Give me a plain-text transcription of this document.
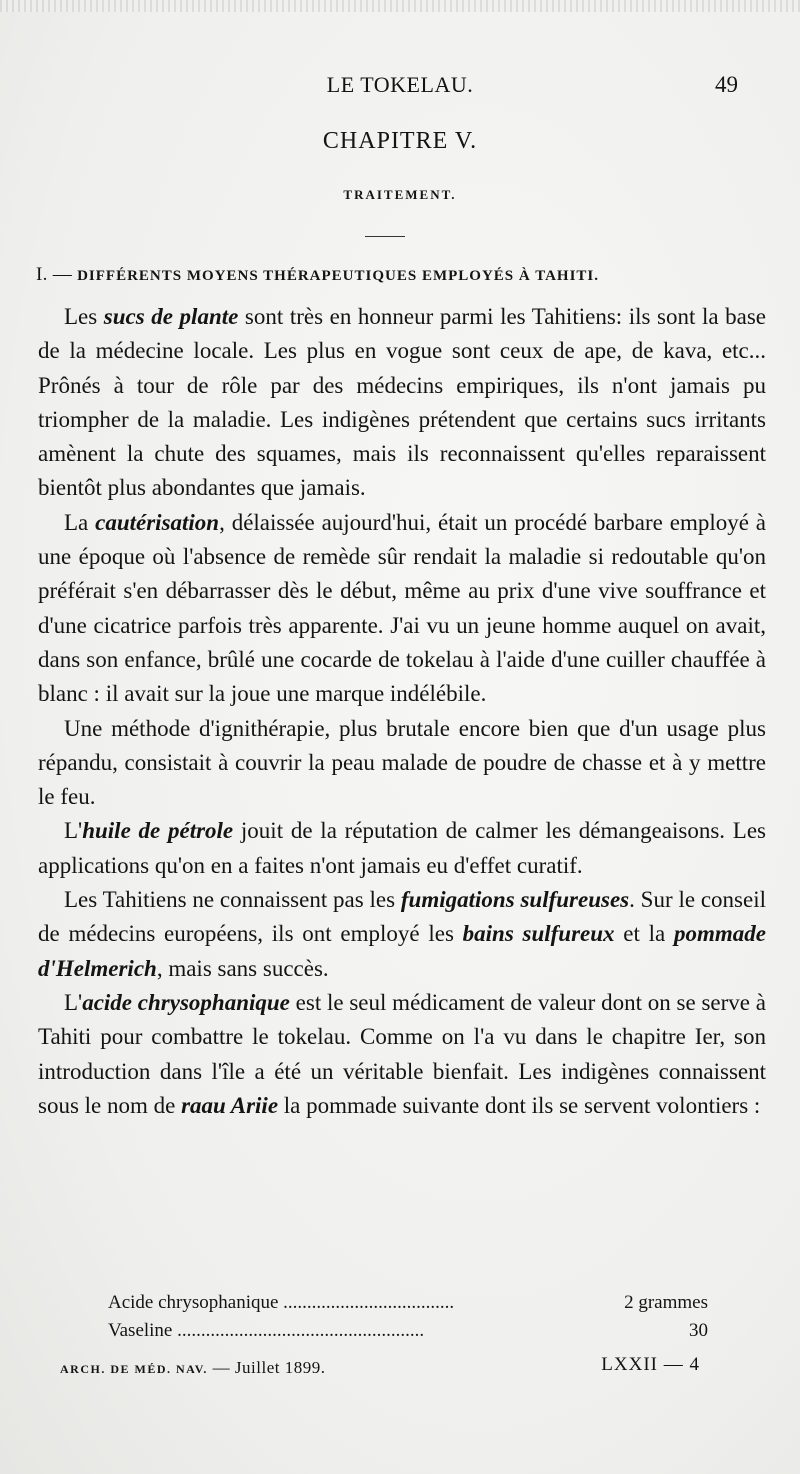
LE TOKELAU.	49
CHAPITRE V.
TRAITEMENT.
I. — DIFFÉRENTS MOYENS THÉRAPEUTIQUES EMPLOYÉS À TAHITI.

Les sucs de plante sont très en honneur parmi les Tahitiens: ils sont la base de la médecine locale. Les plus en vogue sont ceux de ape, de kava, etc... Prônés à tour de rôle par des médecins empiriques, ils n'ont jamais pu triompher de la maladie. Les indigènes prétendent que certains sucs irritants amènent la chute des squames, mais ils reconnaissent qu'elles reparaissent bientôt plus abondantes que jamais.

La cautérisation, délaissée aujourd'hui, était un procédé barbare employé à une époque où l'absence de remède sûr rendait la maladie si redoutable qu'on préférait s'en débarrasser dès le début, même au prix d'une vive souffrance et d'une cicatrice parfois très apparente. J'ai vu un jeune homme auquel on avait, dans son enfance, brûlé une cocarde de tokelau à l'aide d'une cuiller chauffée à blanc : il avait sur la joue une marque indélébile.

Une méthode d'ignithérapie, plus brutale encore bien que d'un usage plus répandu, consistait à couvrir la peau malade de poudre de chasse et à y mettre le feu.

L'huile de pétrole jouit de la réputation de calmer les démangeaisons. Les applications qu'on en a faites n'ont jamais eu d'effet curatif.

Les Tahitiens ne connaissent pas les fumigations sulfureuses. Sur le conseil de médecins européens, ils ont employé les bains sulfureux et la pommade d'Helmerich, mais sans succès.

L'acide chrysophanique est le seul médicament de valeur dont on se serve à Tahiti pour combattre le tokelau. Comme on l'a vu dans le chapitre Ier, son introduction dans l'île a été un véritable bienfait. Les indigènes connaissent sous le nom de raau Ariie la pommade suivante dont ils se servent volontiers :

Acide chrysophanique ....................................	2 grammes
Vaseline ....................................................	30
ARCH. DE MÉD. NAV. — Juillet 1899.	LXXII — 4
